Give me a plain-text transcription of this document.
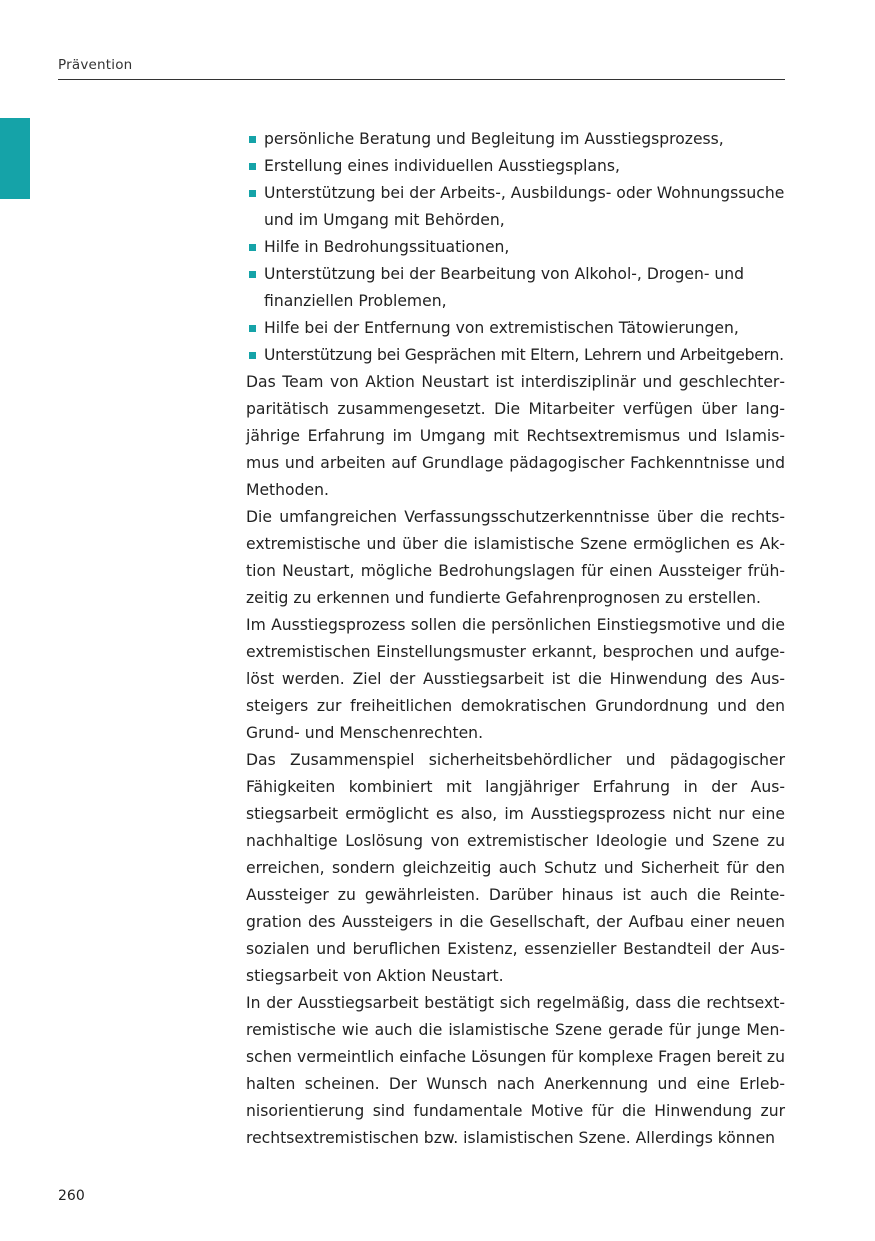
Prävention
persönliche Beratung und Begleitung im Ausstiegsprozess,
Erstellung eines individuellen Ausstiegsplans,
Unterstützung bei der Arbeits-, Ausbildungs- oder Wohnungssuche und im Umgang mit Behörden,
Hilfe in Bedrohungssituationen,
Unterstützung bei der Bearbeitung von Alkohol-, Drogen- und finanziellen Problemen,
Hilfe bei der Entfernung von extremistischen Tätowierungen,
Unterstützung bei Gesprächen mit Eltern, Lehrern und Arbeitgebern.

Das Team von Aktion Neustart ist interdisziplinär und geschlechterparitätisch zusammengesetzt. Die Mitarbeiter verfügen über langjährige Erfahrung im Umgang mit Rechtsextremismus und Islamismus und arbeiten auf Grundlage pädagogischer Fachkenntnisse und Methoden.

Die umfangreichen Verfassungsschutzerkenntnisse über die rechtsextremistische und über die islamistische Szene ermöglichen es Aktion Neustart, mögliche Bedrohungslagen für einen Aussteiger frühzeitig zu erkennen und fundierte Gefahrenprognosen zu erstellen.

Im Ausstiegsprozess sollen die persönlichen Einstiegsmotive und die extremistischen Einstellungsmuster erkannt, besprochen und aufgelöst werden. Ziel der Ausstiegsarbeit ist die Hinwendung des Aussteigers zur freiheitlichen demokratischen Grundordnung und den Grund- und Menschenrechten.

Das Zusammenspiel sicherheitsbehördlicher und pädagogischer Fähigkeiten kombiniert mit langjähriger Erfahrung in der Ausstiegsarbeit ermöglicht es also, im Ausstiegsprozess nicht nur eine nachhaltige Loslösung von extremistischer Ideologie und Szene zu erreichen, sondern gleichzeitig auch Schutz und Sicherheit für den Aussteiger zu gewährleisten. Darüber hinaus ist auch die Reintegration des Aussteigers in die Gesellschaft, der Aufbau einer neuen sozialen und beruflichen Existenz, essenzieller Bestandteil der Ausstiegsarbeit von Aktion Neustart.

In der Ausstiegsarbeit bestätigt sich regelmäßig, dass die rechtsextremistische wie auch die islamistische Szene gerade für junge Menschen vermeintlich einfache Lösungen für komplexe Fragen bereit zu halten scheinen. Der Wunsch nach Anerkennung und eine Erlebnisorientierung sind fundamentale Motive für die Hinwendung zur rechtsextremistischen bzw. islamistischen Szene. Allerdings können

260
